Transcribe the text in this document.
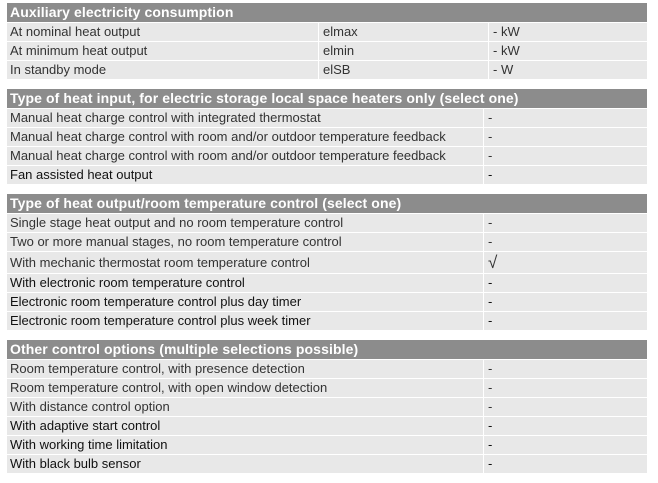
Auxiliary electricity consumption
At nominal heat output	elmax	- kW
At minimum heat output	elmin	- kW
In standby mode	elSB	- W
Type of heat input, for electric storage local space heaters only (select one)
Manual heat charge control with integrated thermostat	-
Manual heat charge control with room and/or outdoor temperature feedback	-
Manual heat charge control with room and/or outdoor temperature feedback	-
Fan assisted heat output	-
Type of heat output/room temperature control (select one)
Single stage heat output and no room temperature control	-
Two or more manual stages, no room temperature control	-
With mechanic thermostat room temperature control	√
With electronic room temperature control	-
Electronic room temperature control plus day timer	-
Electronic room temperature control plus week timer	-
Other control options (multiple selections possible)
Room temperature control, with presence detection	-
Room temperature control, with open window detection	-
With distance control option	-
With adaptive start control	-
With working time limitation	-
With black bulb sensor	-
